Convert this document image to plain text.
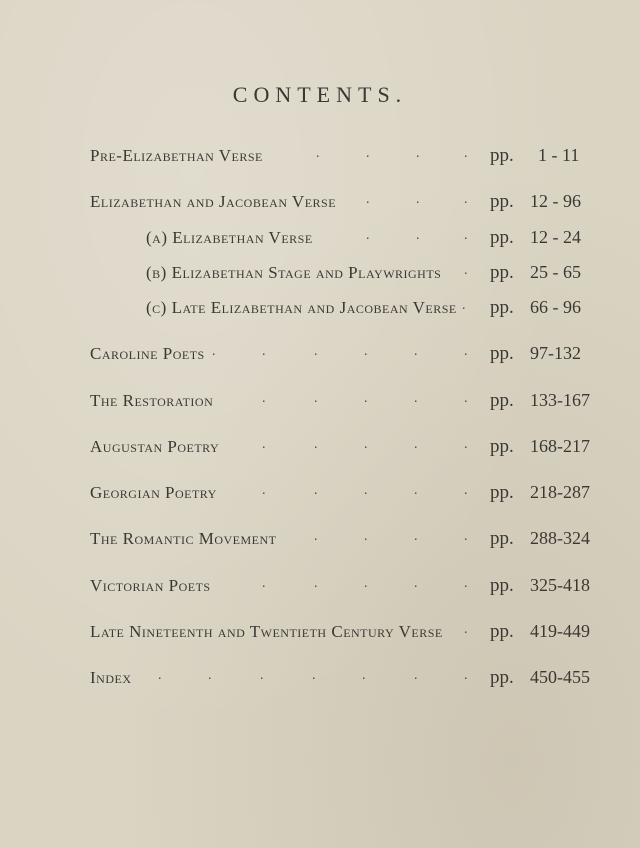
CONTENTS.
Pre-Elizabethan Verse	.	.	.	. pp. 1 - 11
Elizabethan and Jacobean Verse .	.	. pp. 12 - 96
(a) Elizabethan Verse	.	.	. pp. 12 - 24
(b) Elizabethan Stage and Playwrights . pp. 25 - 65
(c) Late Elizabethan and Jacobean Verse . pp. 66 - 96
Caroline Poets .	.	.	.	.	. pp. 97-132
The Restoration	.	.	.	.	. pp. 133-167
Augustan Poetry	.	.	.	.	. pp. 168-217
Georgian Poetry	.	.	.	.	. pp. 218-287
The Romantic Movement	.	.	.	. pp. 288-324
Victorian Poets	.	.	.	.	. pp. 325-418
Late Nineteenth and Twentieth Century Verse . pp. 419-449
Index .	.	.	.	.	.	. pp. 450-455
